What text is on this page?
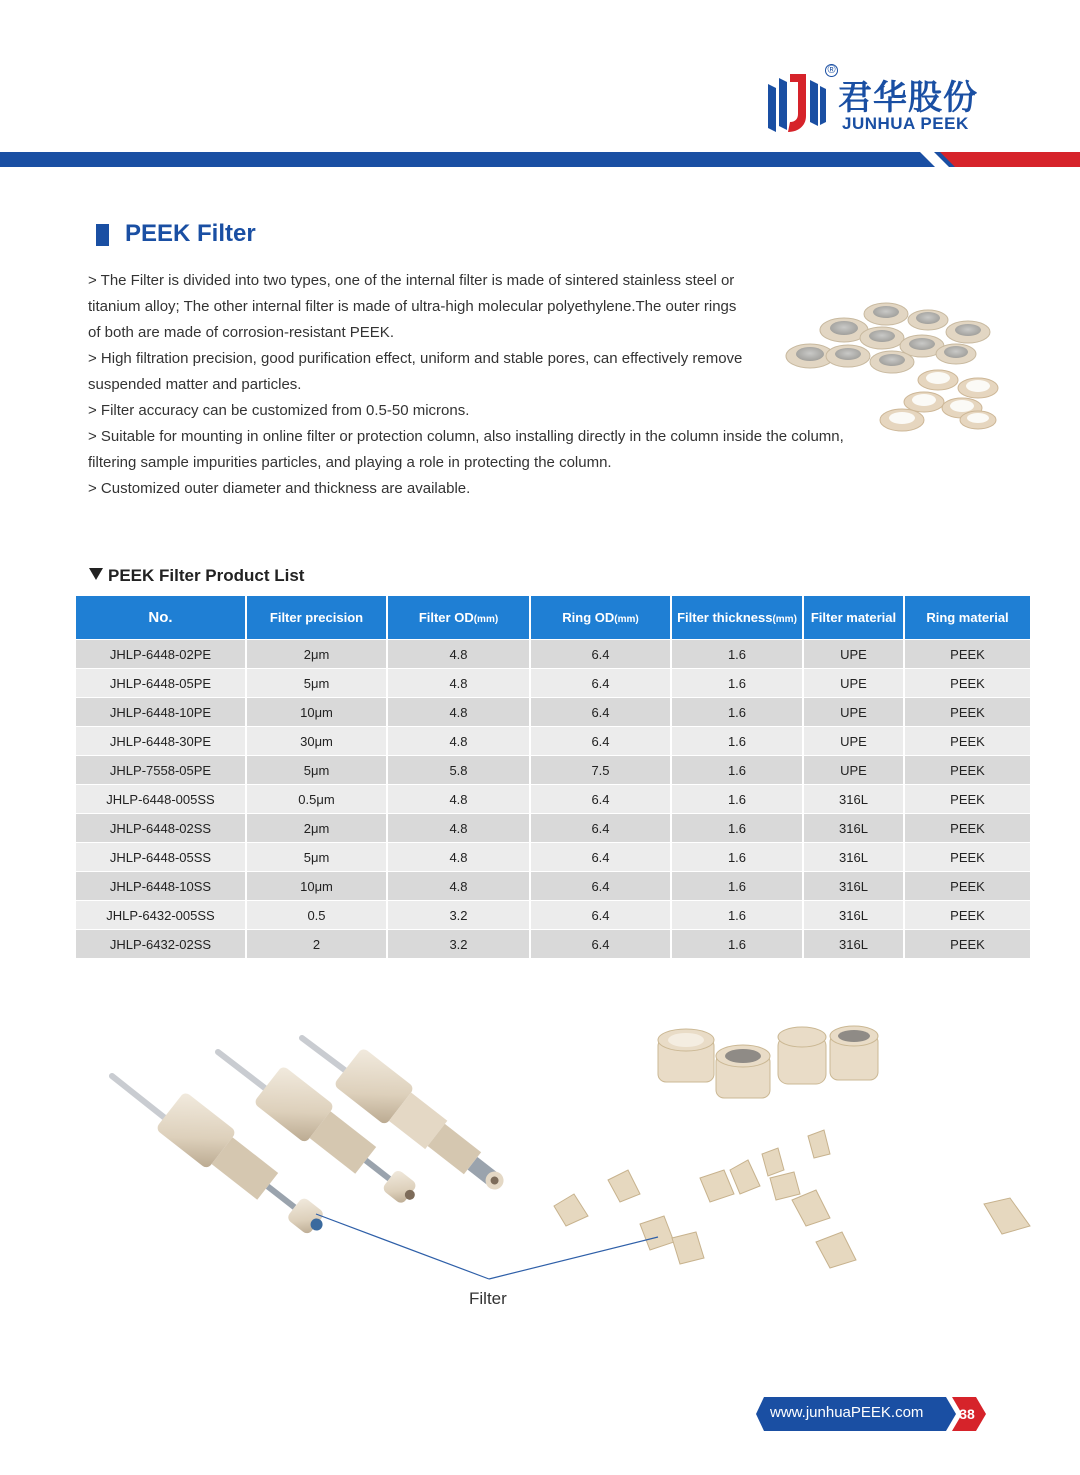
®
君华股份
JUNHUA PEEK
PEEK Filter

> The Filter is divided into two types, one of the internal filter is made of sintered stainless steel or
titanium alloy; The other internal filter is made of ultra-high molecular polyethylene.The outer rings
of both are made of corrosion-resistant PEEK.

> High filtration precision, good purification effect, uniform and stable pores, can effectively remove
suspended matter and particles.

> Filter accuracy can be customized from 0.5-50 microns.

> Suitable for mounting in online filter or protection column, also installing directly in the column inside the column,
filtering sample impurities particles, and playing a role in protecting the column.

> Customized outer diameter and thickness are available.

PEEK Filter Product List
No.	Filter precision	Filter OD(mm)	Ring OD(mm)	Filter thickness(mm)	Filter material	Ring material
JHLP-6448-02PE	2μm	4.8	6.4	1.6	UPE	PEEK
JHLP-6448-05PE	5μm	4.8	6.4	1.6	UPE	PEEK
JHLP-6448-10PE	10μm	4.8	6.4	1.6	UPE	PEEK
JHLP-6448-30PE	30μm	4.8	6.4	1.6	UPE	PEEK
JHLP-7558-05PE	5μm	5.8	7.5	1.6	UPE	PEEK
JHLP-6448-005SS	0.5μm	4.8	6.4	1.6	316L	PEEK
JHLP-6448-02SS	2μm	4.8	6.4	1.6	316L	PEEK
JHLP-6448-05SS	5μm	4.8	6.4	1.6	316L	PEEK
JHLP-6448-10SS	10μm	4.8	6.4	1.6	316L	PEEK
JHLP-6432-005SS	0.5	3.2	6.4	1.6	316L	PEEK
JHLP-6432-02SS	2	3.2	6.4	1.6	316L	PEEK
Filter
www.junhuaPEEK.com	38
